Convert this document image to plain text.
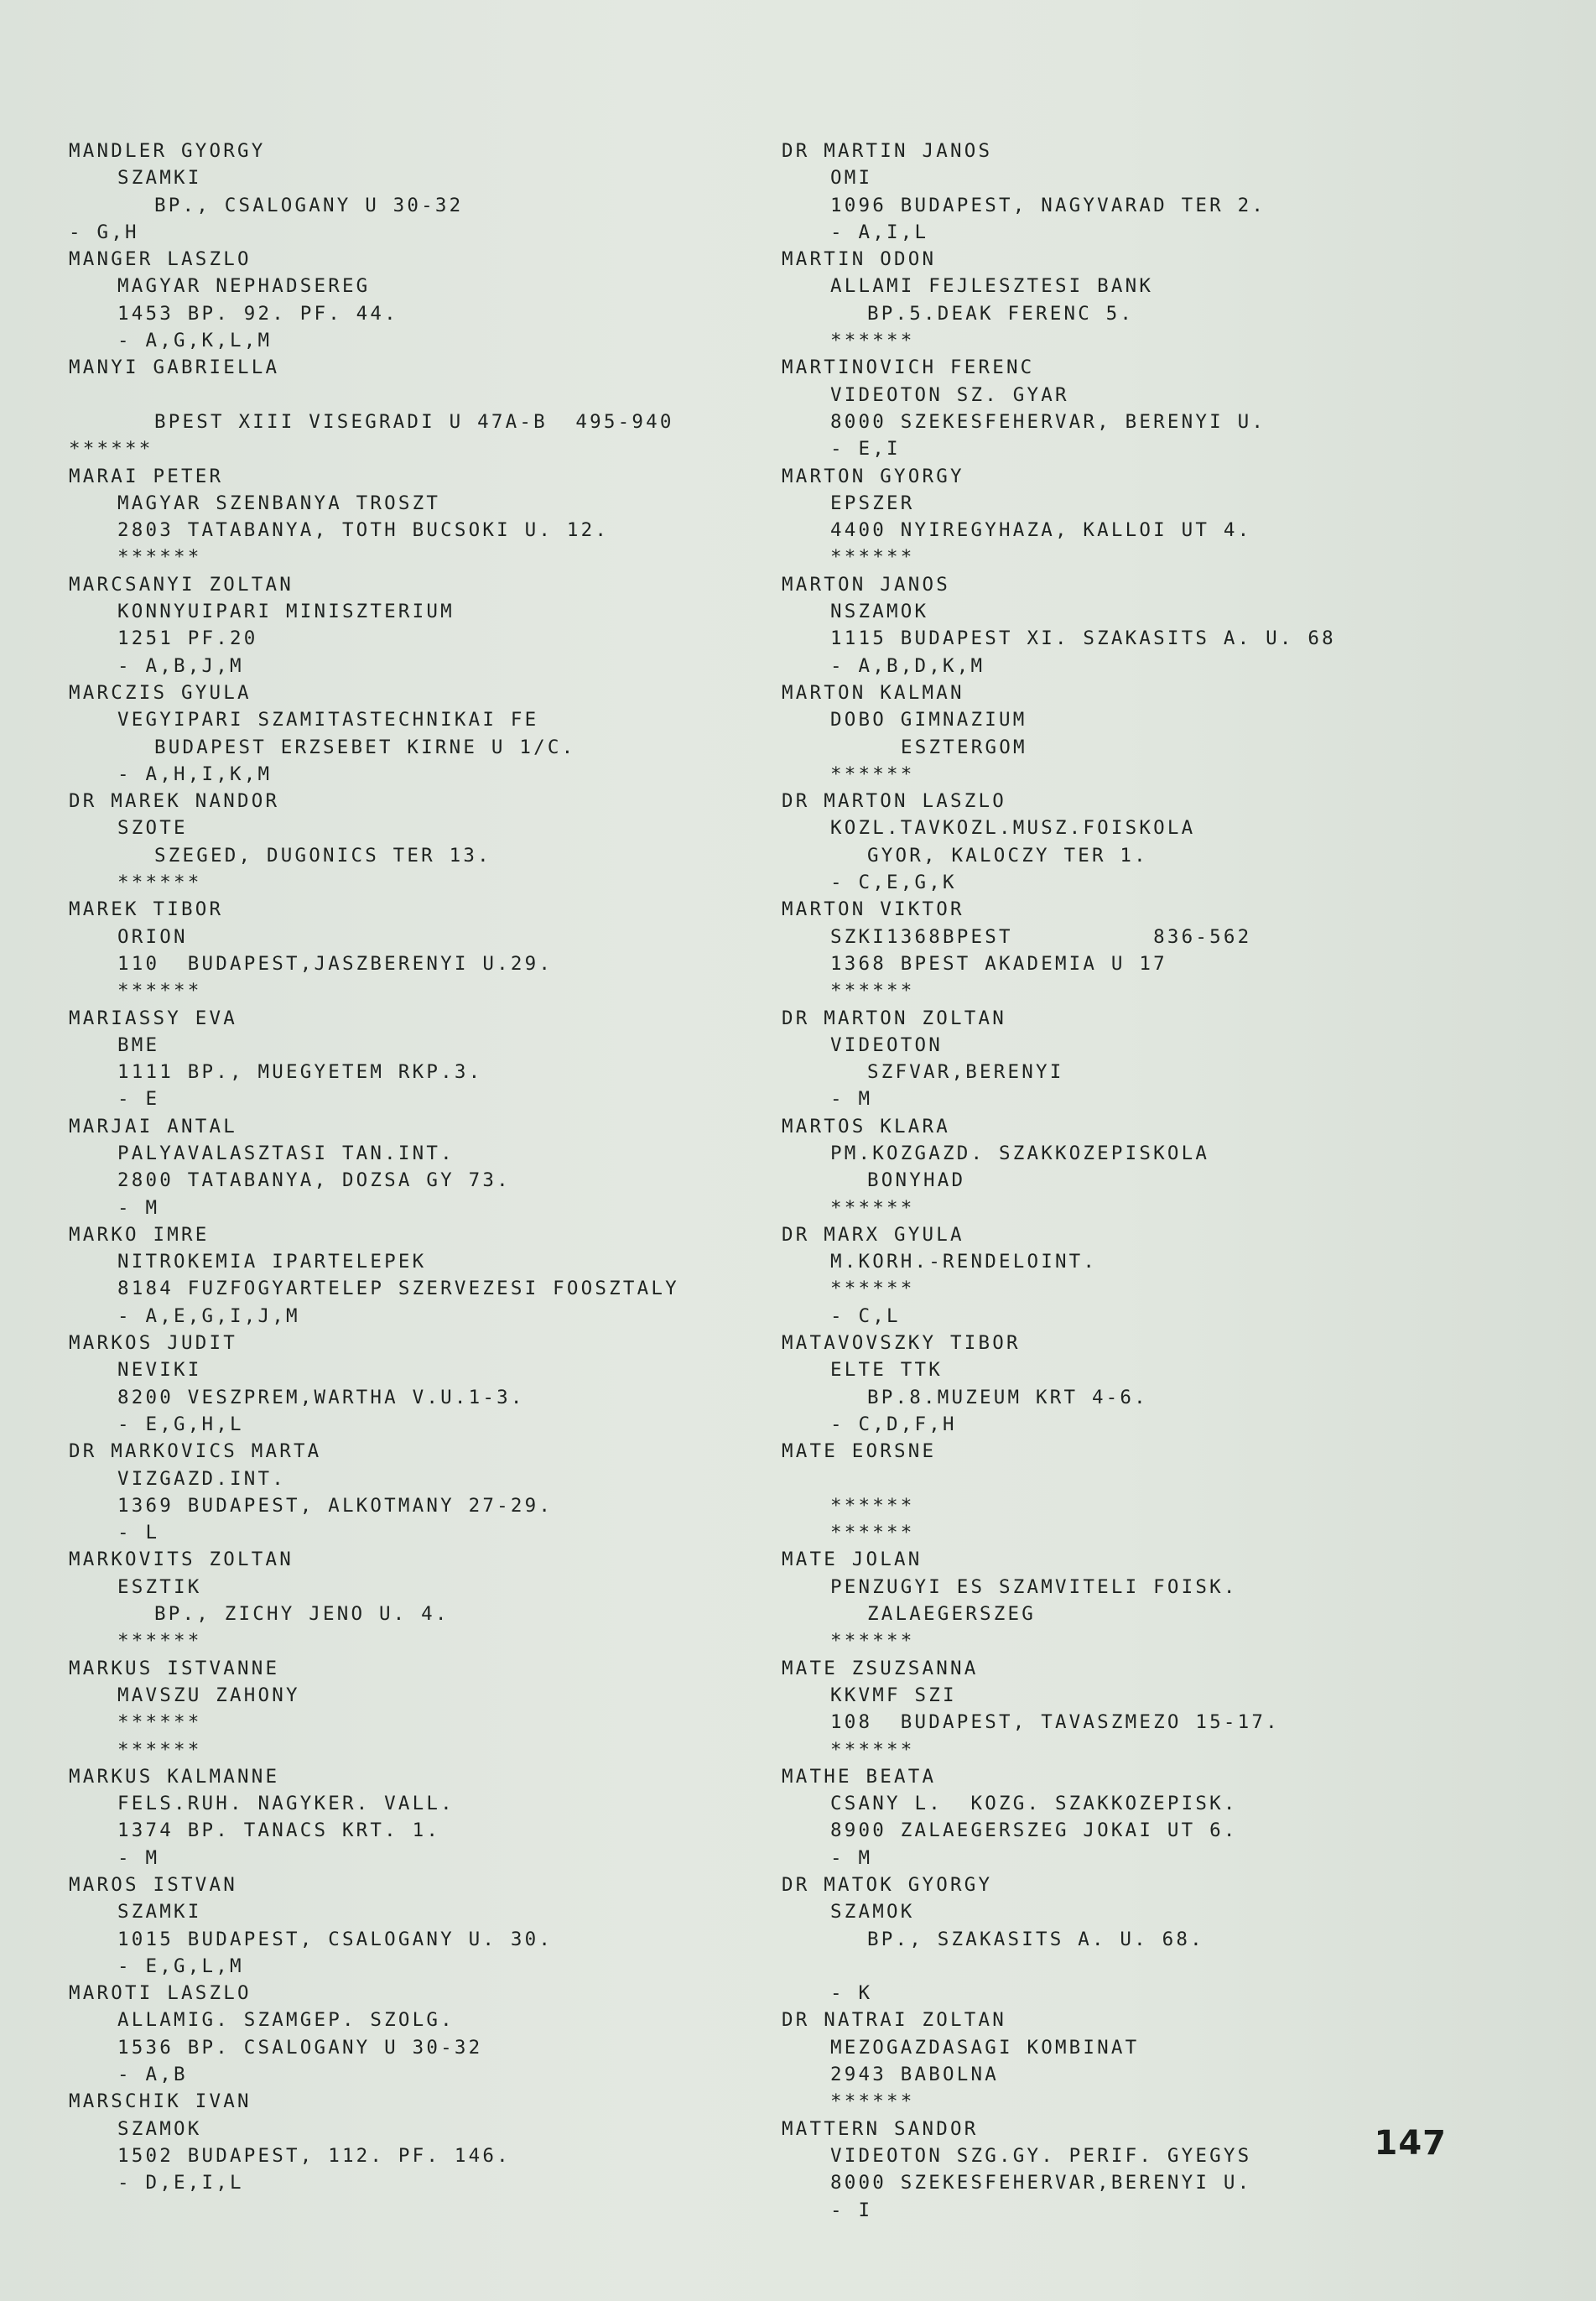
MANDLER GYORGY
SZAMKI
BP., CSALOGANY U 30-32
- G,H
MANGER LASZLO
MAGYAR NEPHADSEREG
1453 BP. 92. PF. 44.
- A,G,K,L,M
MANYI GABRIELLA
BPEST XIII VISEGRADI U 47A-B  495-940
******
MARAI PETER
MAGYAR SZENBANYA TROSZT
2803 TATABANYA, TOTH BUCSOKI U. 12.
******
MARCSANYI ZOLTAN
KONNYUIPARI MINISZTERIUM
1251 PF.20
- A,B,J,M
MARCZIS GYULA
VEGYIPARI SZAMITASTECHNIKAI FE
BUDAPEST ERZSEBET KIRNE U 1/C.
- A,H,I,K,M
DR MAREK NANDOR
SZOTE
SZEGED, DUGONICS TER 13.
******
MAREK TIBOR
ORION
110  BUDAPEST,JASZBERENYI U.29.
******
MARIASSY EVA
BME
1111 BP., MUEGYETEM RKP.3.
- E
MARJAI ANTAL
PALYAVALASZTASI TAN.INT.
2800 TATABANYA, DOZSA GY 73.
- M
MARKO IMRE
NITROKEMIA IPARTELEPEK
8184 FUZFOGYARTELEP SZERVEZESI FOOSZTALY
- A,E,G,I,J,M
MARKOS JUDIT
NEVIKI
8200 VESZPREM,WARTHA V.U.1-3.
- E,G,H,L
DR MARKOVICS MARTA
VIZGAZD.INT.
1369 BUDAPEST, ALKOTMANY 27-29.
- L
MARKOVITS ZOLTAN
ESZTIK
BP., ZICHY JENO U. 4.
******
MARKUS ISTVANNE
MAVSZU ZAHONY
******
******
MARKUS KALMANNE
FELS.RUH. NAGYKER. VALL.
1374 BP. TANACS KRT. 1.
- M
MAROS ISTVAN
SZAMKI
1015 BUDAPEST, CSALOGANY U. 30.
- E,G,L,M
MAROTI LASZLO
ALLAMIG. SZAMGEP. SZOLG.
1536 BP. CSALOGANY U 30-32
- A,B
MARSCHIK IVAN
SZAMOK
1502 BUDAPEST, 112. PF. 146.
- D,E,I,L
DR MARTIN JANOS
OMI
1096 BUDAPEST, NAGYVARAD TER 2.
- A,I,L
MARTIN ODON
ALLAMI FEJLESZTESI BANK
BP.5.DEAK FERENC 5.
******
MARTINOVICH FERENC
VIDEOTON SZ. GYAR
8000 SZEKESFEHERVAR, BERENYI U.
- E,I
MARTON GYORGY
EPSZER
4400 NYIREGYHAZA, KALLOI UT 4.
******
MARTON JANOS
NSZAMOK
1115 BUDAPEST XI. SZAKASITS A. U. 68
- A,B,D,K,M
MARTON KALMAN
DOBO GIMNAZIUM
ESZTERGOM
******
DR MARTON LASZLO
KOZL.TAVKOZL.MUSZ.FOISKOLA
GYOR, KALOCZY TER 1.
- C,E,G,K
MARTON VIKTOR
SZKI1368BPEST          836-562
1368 BPEST AKADEMIA U 17
******
DR MARTON ZOLTAN
VIDEOTON
SZFVAR,BERENYI
- M
MARTOS KLARA
PM.KOZGAZD. SZAKKOZEPISKOLA
BONYHAD
******
DR MARX GYULA
M.KORH.-RENDELOINT.
******
- C,L
MATAVOVSZKY TIBOR
ELTE TTK
BP.8.MUZEUM KRT 4-6.
- C,D,F,H
MATE EORSNE
******
******
MATE JOLAN
PENZUGYI ES SZAMVITELI FOISK.
ZALAEGERSZEG
******
MATE ZSUZSANNA
KKVMF SZI
108  BUDAPEST, TAVASZMEZO 15-17.
******
MATHE BEATA
CSANY L.  KOZG. SZAKKOZEPISK.
8900 ZALAEGERSZEG JOKAI UT 6.
- M
DR MATOK GYORGY
SZAMOK
BP., SZAKASITS A. U. 68.
- K
DR NATRAI ZOLTAN
MEZOGAZDASAGI KOMBINAT
2943 BABOLNA
******
MATTERN SANDOR
VIDEOTON SZG.GY. PERIF. GYEGYS
8000 SZEKESFEHERVAR,BERENYI U.
- I
147
